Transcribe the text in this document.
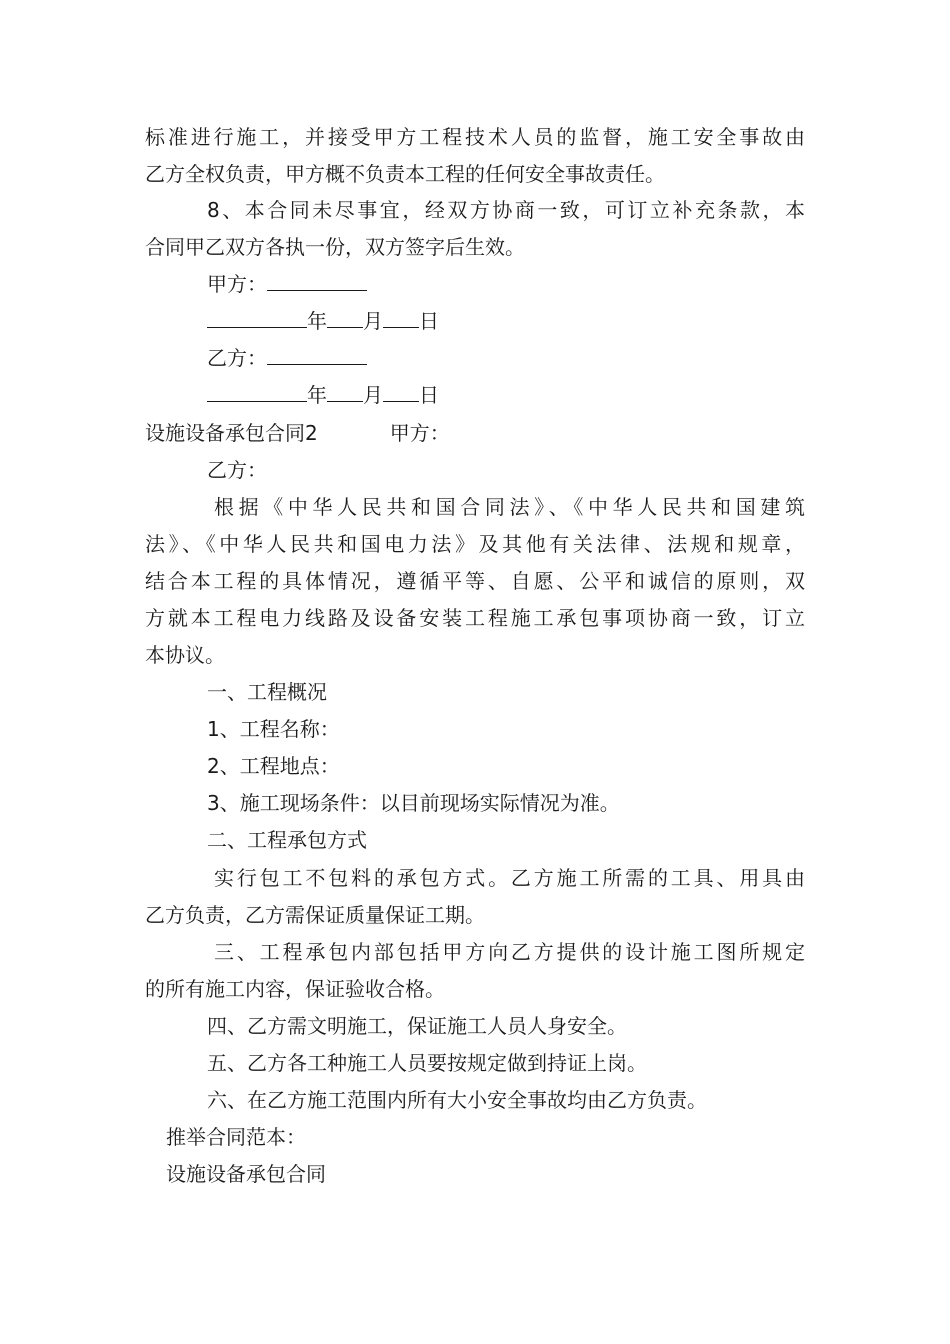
标准进行施工，并接受甲方工程技术人员的监督，施工安全事故由
乙方全权负责，甲方概不负责本工程的任何安全事故责任。
8、本合同未尽事宜，经双方协商一致，可订立补充条款，本
合同甲乙双方各执一份，双方签字后生效。
甲方：
年 月 日
乙方：
年 月 日
设施设备承包合同2	甲方：
乙方：
根据《中华人民共和国合同法》、《中华人民共和国建筑
法》、《中华人民共和国电力法》及其他有关法律、法规和规章，
结合本工程的具体情况，遵循平等、自愿、公平和诚信的原则，双
方就本工程电力线路及设备安装工程施工承包事项协商一致，订立
本协议。
一、工程概况
1、工程名称：
2、工程地点：
3、施工现场条件：以目前现场实际情况为准。
二、工程承包方式
实行包工不包料的承包方式。乙方施工所需的工具、用具由
乙方负责，乙方需保证质量保证工期。
三、工程承包内部包括甲方向乙方提供的设计施工图所规定
的所有施工内容，保证验收合格。
四、乙方需文明施工，保证施工人员人身安全。
五、乙方各工种施工人员要按规定做到持证上岗。
六、在乙方施工范围内所有大小安全事故均由乙方负责。
推举合同范本：
设施设备承包合同
